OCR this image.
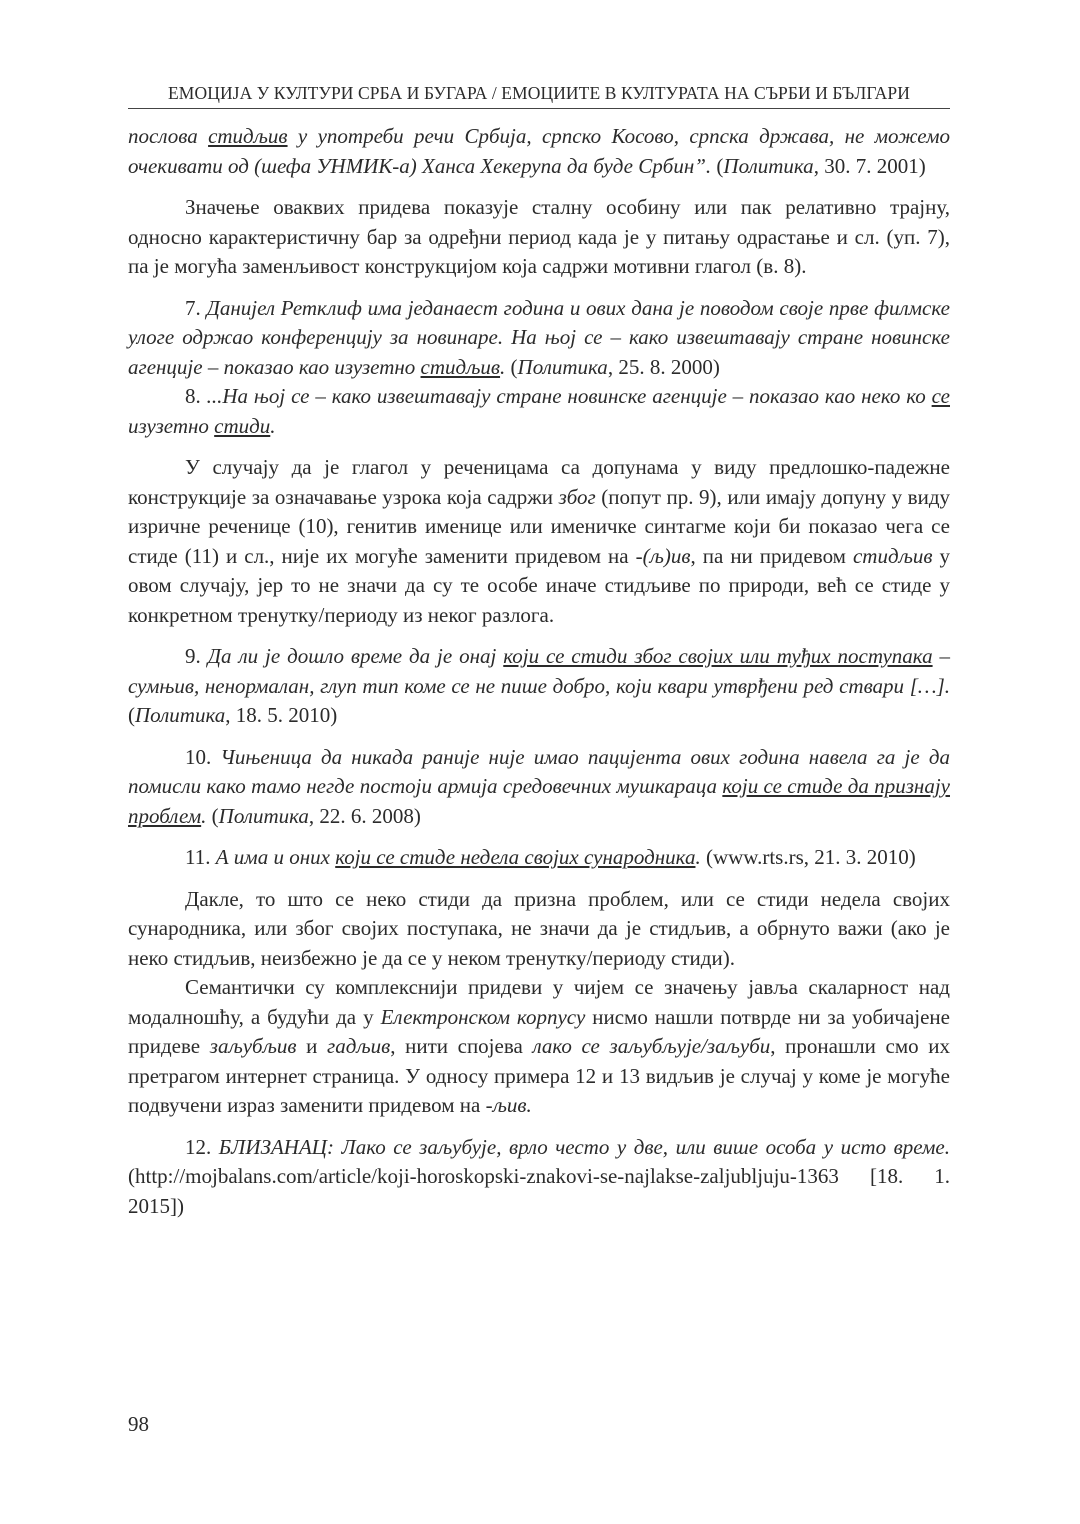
ЕМОЦИЈА У КУЛТУРИ СРБА И БУГАРА / ЕМОЦИИТЕ В КУЛТУРАТА НА СЪРБИ И БЪЛГАРИ

послова стидљив у употреби речи Србија, српско Косово, српска држава, не можемо очекивати од (шефа УНМИК-а) Ханса Хекерупа да буде Србин”. (Политика, 30. 7. 2001)

Значење оваквих придева показује сталну особину или пак релативно трајну, односно карактеристичну бар за одређни период када је у питању одрастање и сл. (уп. 7), па је могућа заменљивост конструкцијом која садржи мотивни глагол (в. 8).

7. Данијел Ретклиф има једанаест година и ових дана је поводом своје прве филмске улоге одржао конференцију за новинаре. На њој се – како извештавају стране новинске агенције – показао као изузетно стидљив. (Политика, 25. 8. 2000)

8. ...На њој се – како извештавају стране новинске агенције – показао као неко ко се изузетно стиди.

У случају да је глагол у реченицама са допунама у виду предлошко-падежне конструкције за означавање узрока која садржи због (попут пр. 9), или имају допуну у виду изричне реченице (10), генитив именице или именичке синтагме који би показао чега се стиде (11) и сл., није их могуће заменити придевом на -(љ)ив, па ни придевом стидљив у овом случају, јер то не значи да су те особе иначе стидљиве по природи, већ се стиде у конкретном тренутку/периоду из неког разлога.

9. Да ли је дошло време да је онај који се стиди због својих или туђих поступака – сумњив, ненормалан, глуп тип коме се не пише добро, који квари утврђени ред ствари […]. (Политика, 18. 5. 2010)

10. Чињеница да никада раније није имао пацијента ових година навела га је да помисли како тамо негде постоји армија средовечних мушкараца који се стиде да признају проблем. (Политика, 22. 6. 2008)

11. А има и оних који се стиде недела својих сународника. (www.rts.rs, 21. 3. 2010)

Дакле, то што се неко стиди да призна проблем, или се стиди недела својих сународника, или због својих поступака, не значи да је стидљив, а обрнуто важи (ако је неко стидљив, неизбежно је да се у неком тренутку/периоду стиди).

Семантички су комплекснији придеви у чијем се значењу јавља скаларност над модалношћу, а будући да у Електронском корпусу нисмо нашли потврде ни за уобичајене придеве заљубљив и гадљив, нити спојева лако се заљубљује/заљуби, пронашли смо их претрагом интернет страница. У односу примера 12 и 13 видљив је случај у коме је могуће подвучени израз заменити придевом на -љив.

12. БЛИЗАНАЦ: Лако се заљубује, врло често у две, или више особа у исто време. (http://mojbalans.com/article/koji-horoskopski-znakovi-se-najlakse-zaljubljuju-1363 [18. 1. 2015])

98
